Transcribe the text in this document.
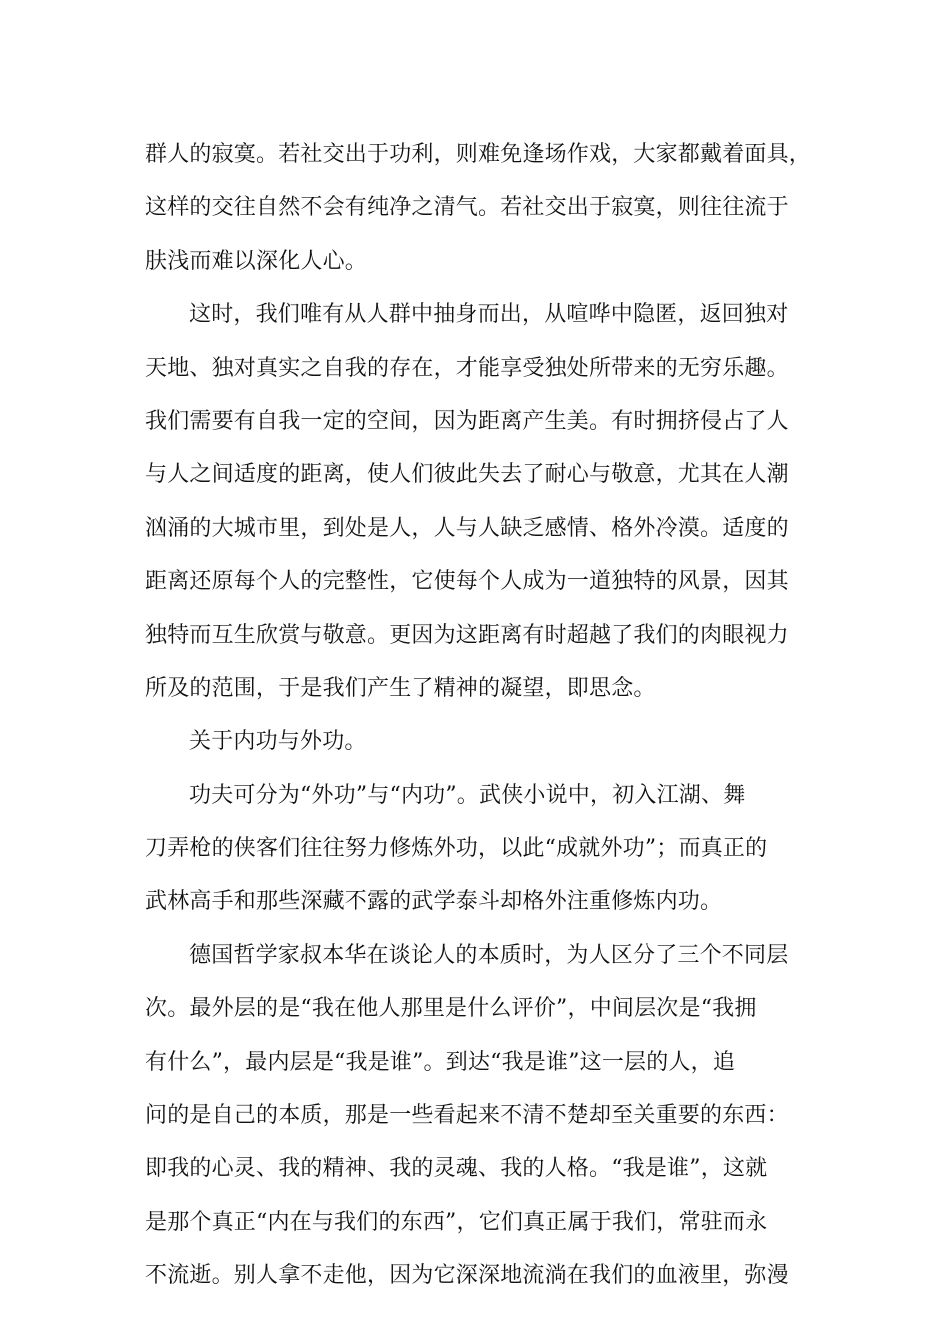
群人的寂寞。若社交出于功利，则难免逢场作戏，大家都戴着面具，
这样的交往自然不会有纯净之清气。若社交出于寂寞，则往往流于
肤浅而难以深化人心。
这时，我们唯有从人群中抽身而出，从喧哗中隐匿，返回独对
天地、独对真实之自我的存在，才能享受独处所带来的无穷乐趣。
我们需要有自我一定的空间，因为距离产生美。有时拥挤侵占了人
与人之间适度的距离，使人们彼此失去了耐心与敬意，尤其在人潮
汹涌的大城市里，到处是人，人与人缺乏感情、格外冷漠。适度的
距离还原每个人的完整性，它使每个人成为一道独特的风景，因其
独特而互生欣赏与敬意。更因为这距离有时超越了我们的肉眼视力
所及的范围，于是我们产生了精神的凝望，即思念。
关于内功与外功。
功夫可分为“外功”与“内功”。武侠小说中，初入江湖、舞
刀弄枪的侠客们往往努力修炼外功，以此“成就外功”；而真正的
武林高手和那些深藏不露的武学泰斗却格外注重修炼内功。
德国哲学家叔本华在谈论人的本质时，为人区分了三个不同层
次。最外层的是“我在他人那里是什么评价”，中间层次是“我拥
有什么”，最内层是“我是谁”。到达“我是谁”这一层的人，追
问的是自己的本质，那是一些看起来不清不楚却至关重要的东西：
即我的心灵、我的精神、我的灵魂、我的人格。“我是谁”，这就
是那个真正“内在与我们的东西”，它们真正属于我们，常驻而永
不流逝。别人拿不走他，因为它深深地流淌在我们的血液里，弥漫
